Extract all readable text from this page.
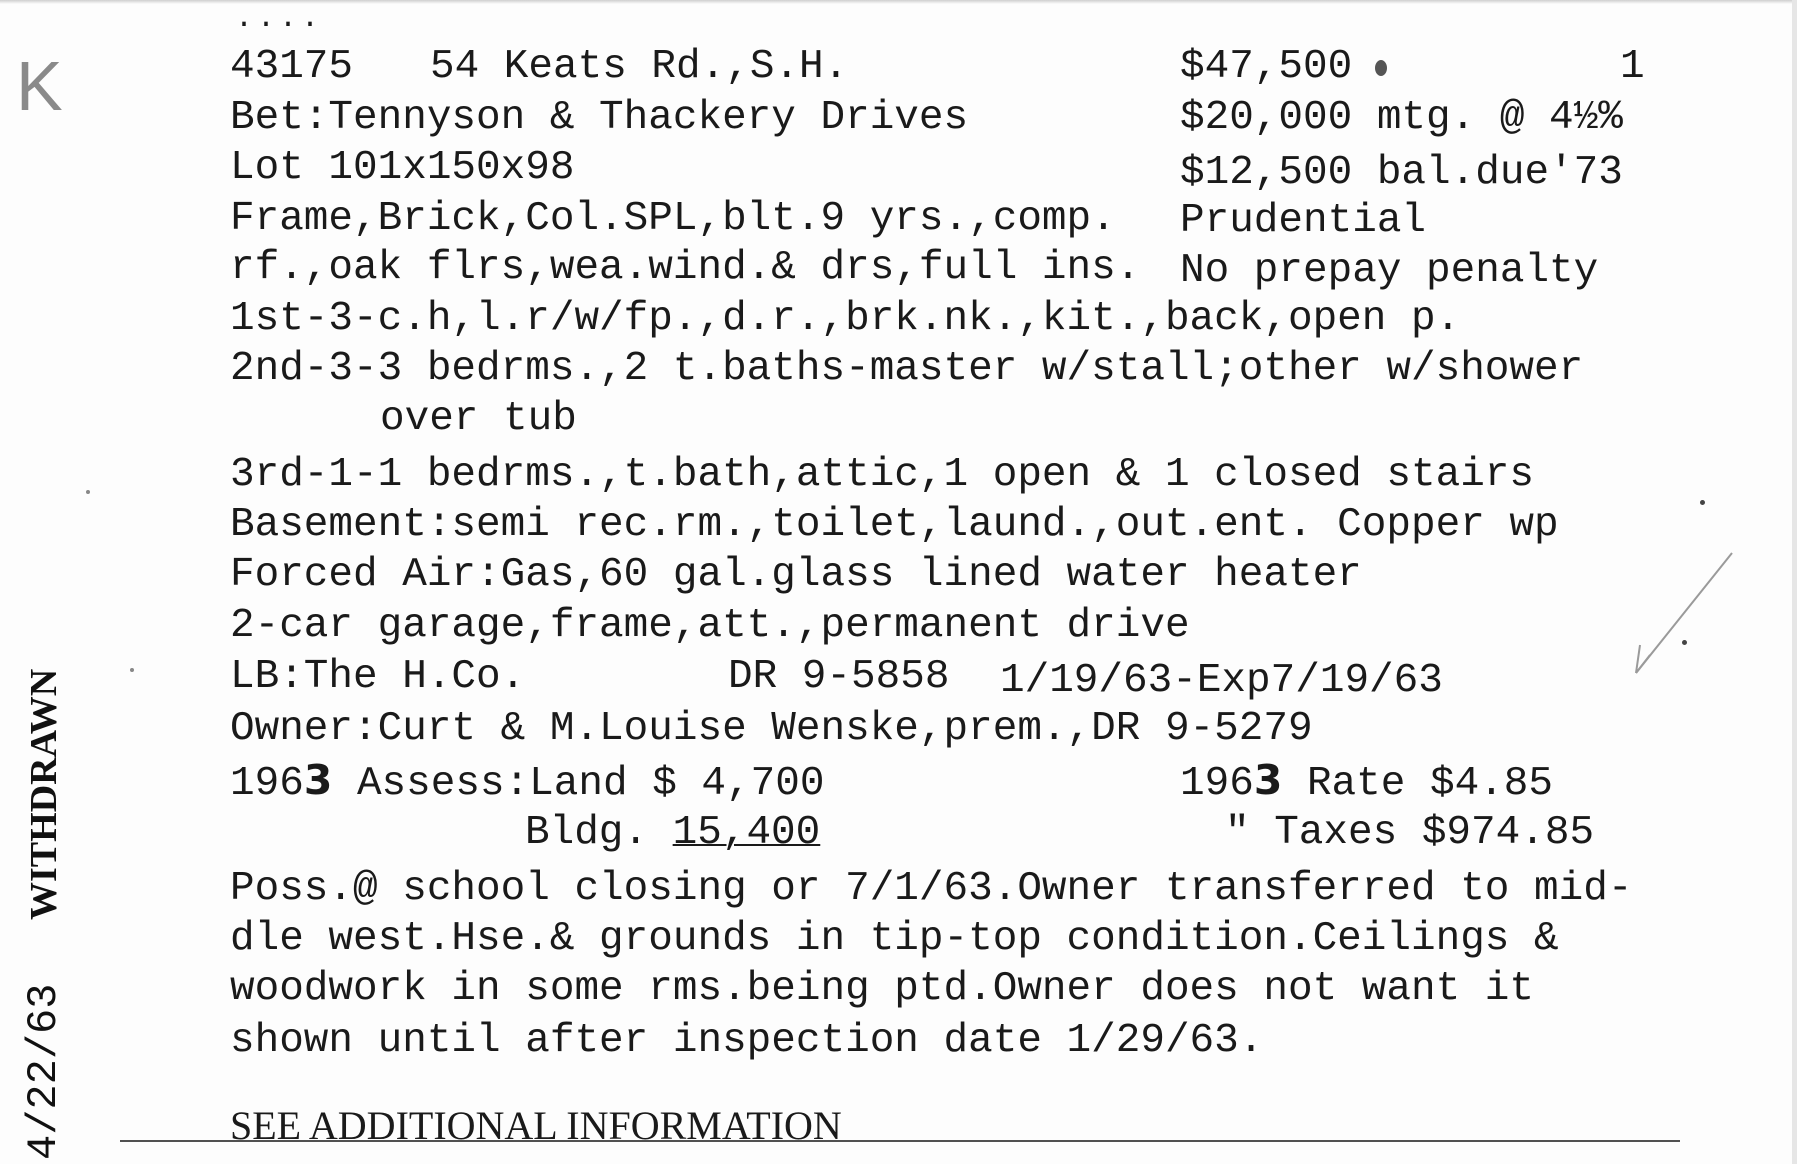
....
K	43175 54 Keats Rd.,S.H.	$47,500	1
Bet:Tennyson & Thackery Drives	$20,000 mtg. @ 4½%
Lot 101x150x98	$12,500 bal.due'73
Frame,Brick,Col.SPL,blt.9 yrs.,comp. Prudential
rf.,oak flrs,wea.wind.& drs,full ins. No prepay penalty
1st-3-c.h,l.r/w/fp.,d.r.,brk.nk.,kit.,back,open p.
2nd-3-3 bedrms.,2 t.baths-master w/stall;other w/shower
over tub
3rd-1-1 bedrms.,t.bath,attic,1 open & 1 closed stairs
Basement:semi rec.rm.,toilet,laund.,out.ent. Copper wp
Forced Air:Gas,60 gal.glass lined water heater
2-car garage,frame,att.,permanent drive
LB:The H.Co.	DR 9-5858 1/19/63-Exp7/19/63
Owner:Curt & M.Louise Wenske,prem.,DR 9-5279
1963 Assess:Land $ 4,700	1963 Rate $4.85
Bldg. 15,400	" Taxes $974.85
Poss.@ school closing or 7/1/63.Owner transferred to mid-
dle west.Hse.& grounds in tip-top condition.Ceilings &
woodwork in some rms.being ptd.Owner does not want it
shown until after inspection date 1/29/63.
SEE ADDITIONAL INFORMATION
WITHDRAWN
4/22/63
